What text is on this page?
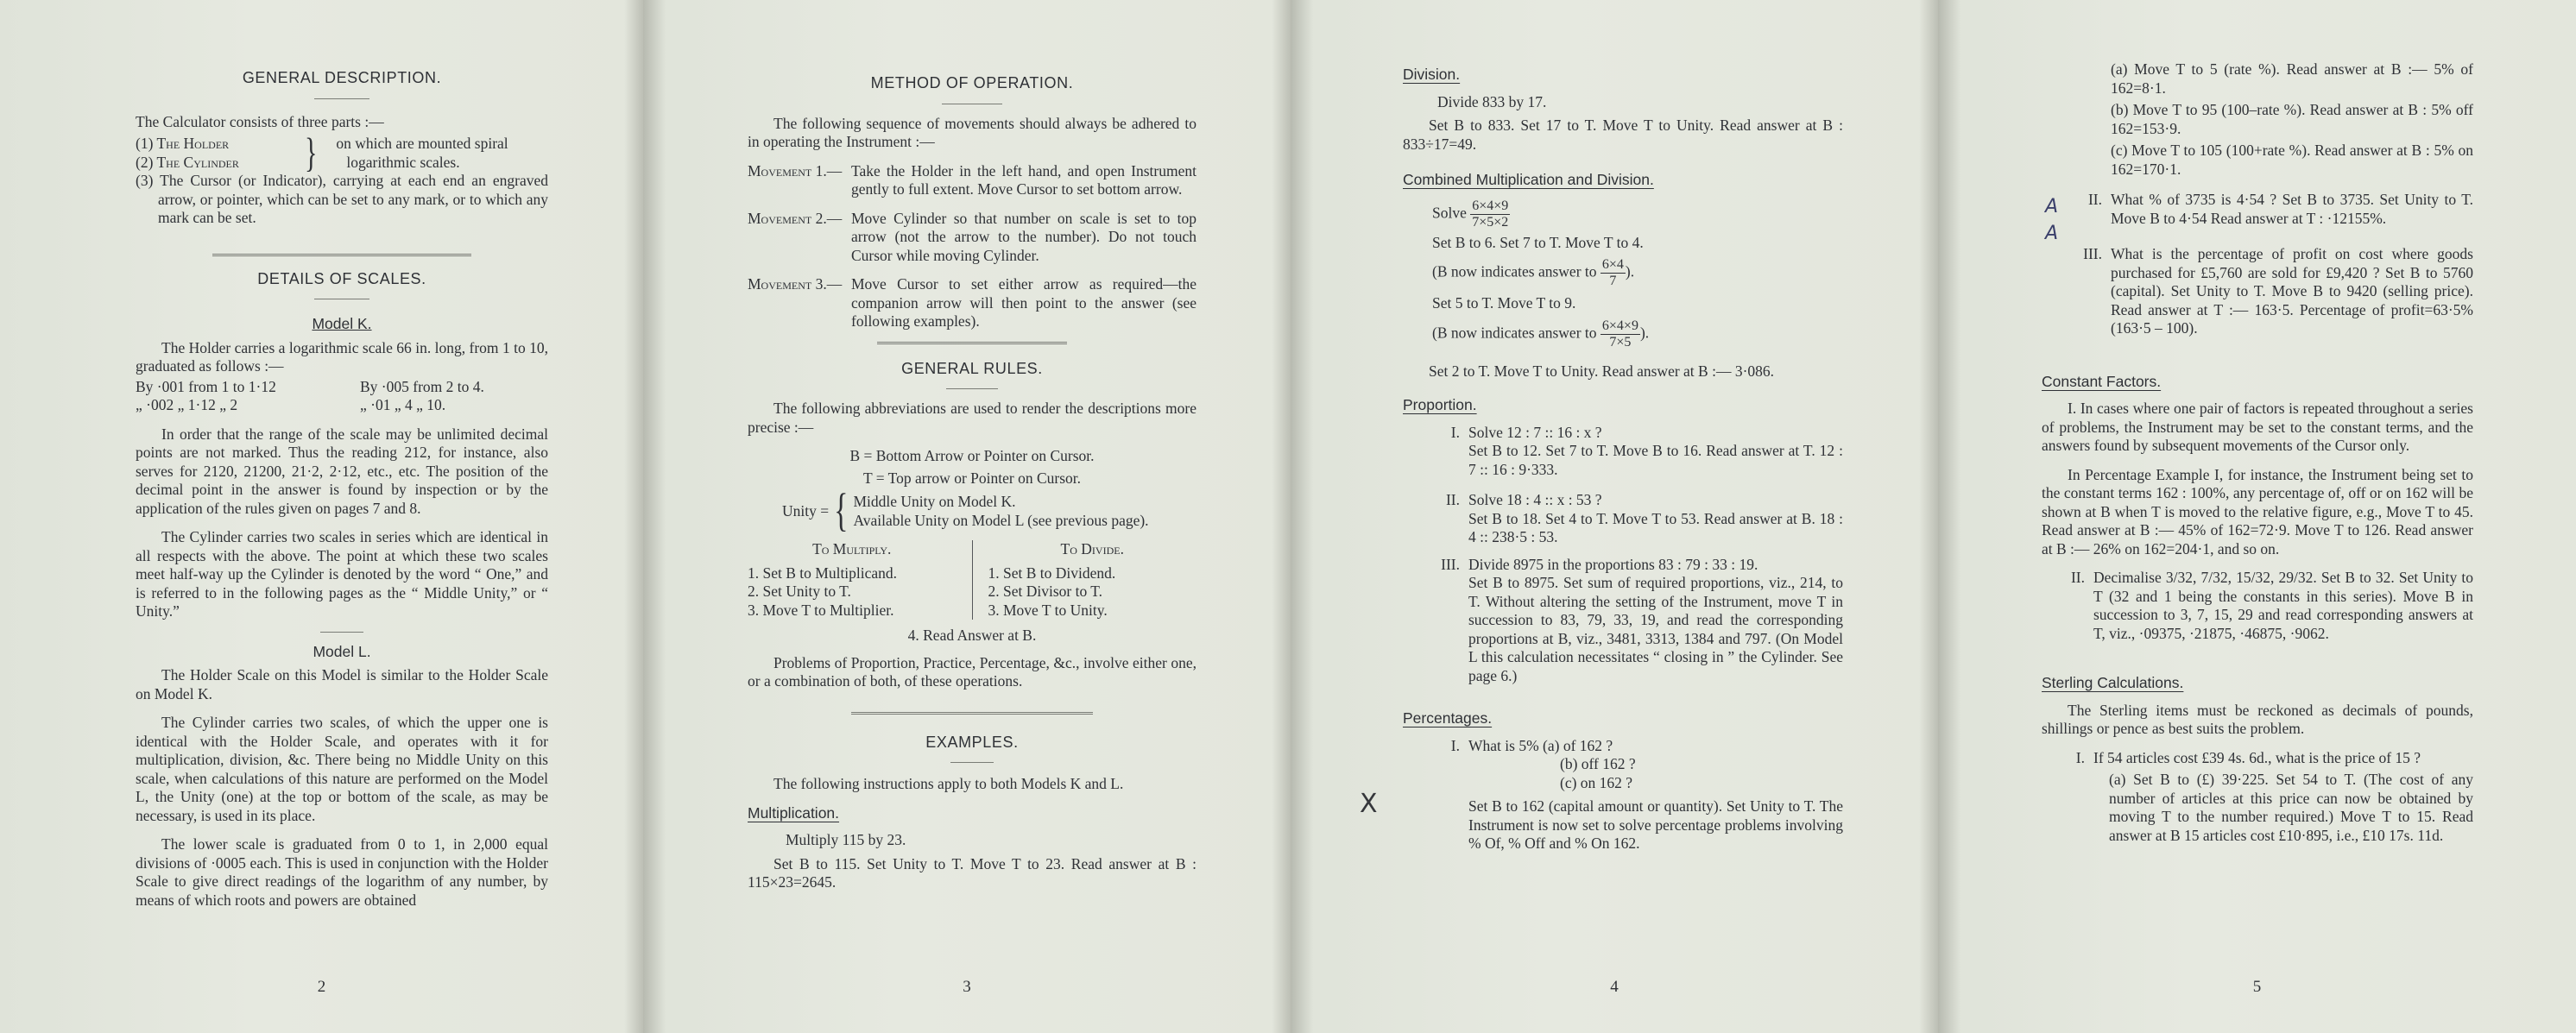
GENERAL DESCRIPTION.

The Calculator consists of three parts :—

(1) The Holder
(2) The Cylinder	} on which are mounted spiral
logarithmic scales.

(3) The Cursor (or Indicator), carrying at each end an engraved arrow, or pointer, which can be set to any mark, or to which any mark can be set.

DETAILS OF SCALES.
Model K.

The Holder carries a logarithmic scale 66 in. long, from 1 to 10, graduated as follows :—

By ·001 from 1 to 1·12	By ·005 from 2 to 4.
„ ·002 „ 1·12 „ 2	„ ·01 „ 4 „ 10.

In order that the range of the scale may be unlimited decimal points are not marked. Thus the reading 212, for instance, also serves for 2120, 21200, 21·2, 2·12, etc., etc. The position of the decimal point in the answer is found by inspection or by the application of the rules given on pages 7 and 8.

The Cylinder carries two scales in series which are identical in all respects with the above. The point at which these two scales meet half-way up the Cylinder is denoted by the word “ One,” and is referred to in the following pages as the “ Middle Unity,” or “ Unity.”

Model L.

The Holder Scale on this Model is similar to the Holder Scale on Model K.

The Cylinder carries two scales, of which the upper one is identical with the Holder Scale, and operates with it for multiplication, division, &c. There being no Middle Unity on this scale, when calculations of this nature are performed on the Model L, the Unity (one) at the top or bottom of the scale, as may be necessary, is used in its place.

The lower scale is graduated from 0 to 1, in 2,000 equal divisions of ·0005 each. This is used in conjunction with the Holder Scale to give direct readings of the logarithm of any number, by means of which roots and powers are obtained

2
METHOD OF OPERATION.

The following sequence of movements should always be adhered to in operating the Instrument :—

Movement 1.— Take the Holder in the left hand, and open Instrument gently to full extent. Move Cursor to set bottom arrow.
Movement 2.— Move Cylinder so that number on scale is set to top arrow (not the arrow to the number). Do not touch Cursor while moving Cylinder.
Movement 3.— Move Cursor to set either arrow as required—the companion arrow will then point to the answer (see following examples).
GENERAL RULES.

The following abbreviations are used to render the descriptions more precise :—

B = Bottom Arrow or Pointer on Cursor.
T = Top arrow or Pointer on Cursor.
Unity = { Middle Unity on Model K.
Available Unity on Model L (see previous page).
To Multiply.
1. Set B to Multiplicand.
2. Set Unity to T.
3. Move T to Multiplier.
To Divide.
1. Set B to Dividend.
2. Set Divisor to T.
3. Move T to Unity.
4. Read Answer at B.

Problems of Proportion, Practice, Percentage, &c., involve either one, or a combination of both, of these operations.

EXAMPLES.

The following instructions apply to both Models K and L.

Multiplication.

Multiply 115 by 23.

Set B to 115. Set Unity to T. Move T to 23. Read answer at B : 115×23=2645.

3
Division.

Divide 833 by 17.

Set B to 833. Set 17 to T. Move T to Unity. Read answer at B : 833÷17=49.

Combined Multiplication and Division.
Solve $\frac{6\times 4\times 9}{7\times 5\times 2}$
Set B to 6. Set 7 to T. Move T to 4.
(B now indicates answer to $\frac{6\times 4}{7}$ ).
Set 5 to T. Move T to 9.
(B now indicates answer to $\frac{6\times 4\times 9}{7\times 5}$ ).

Set 2 to T. Move T to Unity. Read answer at B :— 3·086.

Proportion.
I. Solve 12 : 7 :: 16 : x ?

Set B to 12. Set 7 to T. Move B to 16. Read answer at T. 12 : 7 :: 16 : 9·333.

II. Solve 18 : 4 :: x : 53 ?

Set B to 18. Set 4 to T. Move T to 53. Read answer at B. 18 : 4 :: 238·5 : 53.

III. Divide 8975 in the proportions 83 : 79 : 33 : 19.

Set B to 8975. Set sum of required proportions, viz., 214, to T. Without altering the setting of the Instrument, move T in succession to 83, 79, 33, 19, and read the corresponding proportions at B, viz., 3481, 3313, 1384 and 797. (On Model L this calculation necessitates “ closing in ” the Cylinder. See page 6.)

Percentages.
I. What is 5% (a) of 162 ?
(b) off 162 ?
(c) on 162 ?

Set B to 162 (capital amount or quantity). Set Unity to T. The Instrument is now set to solve percentage problems involving % Of, % Off and % On 162.

X
4

(a) Move T to 5 (rate %). Read answer at B :— 5% of 162=8·1.

(b) Move T to 95 (100–rate %). Read answer at B : 5% off 162=153·9.

(c) Move T to 105 (100+rate %). Read answer at B : 5% on 162=170·1.

II. What % of 3735 is 4·54 ? Set B to 3735. Set Unity to T. Move B to 4·54 Read answer at T : ·12155%.

III. What is the percentage of profit on cost where goods purchased for £5,760 are sold for £9,420 ? Set B to 5760 (capital). Set Unity to T. Move B to 9420 (selling price). Read answer at T :— 163·5. Percentage of profit=63·5% (163·5 – 100).

Constant Factors.

I. In cases where one pair of factors is repeated throughout a series of problems, the Instrument may be set to the constant terms, and the answers found by subsequent movements of the Cursor only.

In Percentage Example I, for instance, the Instrument being set to the constant terms 162 : 100%, any percentage of, off or on 162 will be shown at B when T is moved to the relative figure, e.g., Move T to 45. Read answer at B :— 45% of 162=72·9. Move T to 126. Read answer at B :— 26% on 162=204·1, and so on.

II. Decimalise 3/32, 7/32, 15/32, 29/32. Set B to 32. Set Unity to T (32 and 1 being the constants in this series). Move B in succession to 3, 7, 15, 29 and read corresponding answers at T, viz., ·09375, ·21875, ·46875, ·9062.

Sterling Calculations.

The Sterling items must be reckoned as decimals of pounds, shillings or pence as best suits the problem.

I. If 54 articles cost £39 4s. 6d., what is the price of 15 ?

(a) Set B to (£) 39·225. Set 54 to T. (The cost of any number of articles at this price can now be obtained by moving T to the number required.) Move T to 15. Read answer at B 15 articles cost £10·895, i.e., £10 17s. 11d.

A
A
5
